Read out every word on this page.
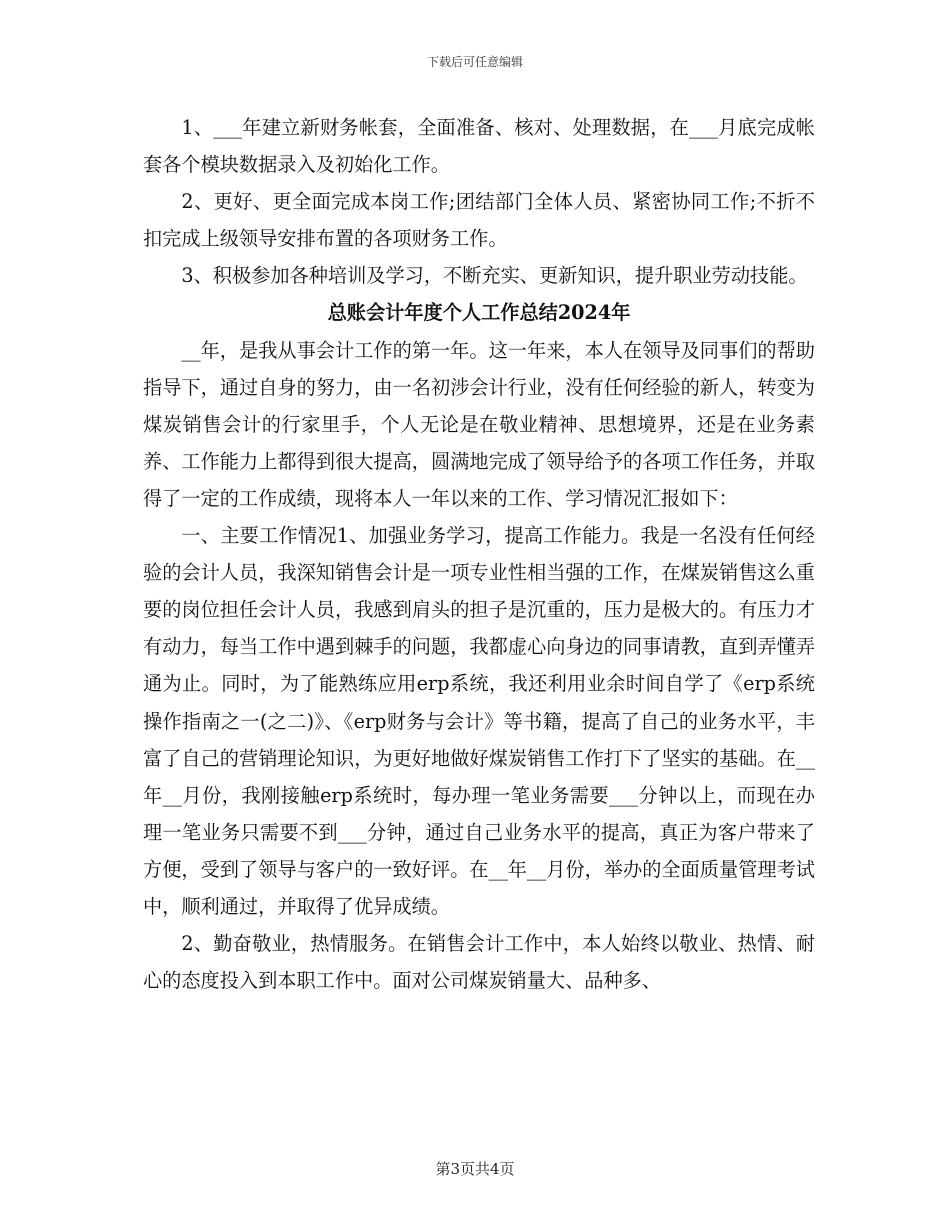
下载后可任意编辑

1、___年建立新财务帐套，全面准备、核对、处理数据，在___月底完成帐套各个模块数据录入及初始化工作。

2、更好、更全面完成本岗工作;团结部门全体人员、紧密协同工作;不折不扣完成上级领导安排布置的各项财务工作。

3、积极参加各种培训及学习，不断充实、更新知识，提升职业劳动技能。

总账会计年度个人工作总结2024年

__年，是我从事会计工作的第一年。这一年来，本人在领导及同事们的帮助指导下，通过自身的努力，由一名初涉会计行业，没有任何经验的新人，转变为煤炭销售会计的行家里手，个人无论是在敬业精神、思想境界，还是在业务素养、工作能力上都得到很大提高，圆满地完成了领导给予的各项工作任务，并取得了一定的工作成绩，现将本人一年以来的工作、学习情况汇报如下：

一、主要工作情况1、加强业务学习，提高工作能力。我是一名没有任何经验的会计人员，我深知销售会计是一项专业性相当强的工作，在煤炭销售这么重要的岗位担任会计人员，我感到肩头的担子是沉重的，压力是极大的。有压力才有动力，每当工作中遇到棘手的问题，我都虚心向身边的同事请教，直到弄懂弄通为止。同时，为了能熟练应用erp系统，我还利用业余时间自学了《erp系统操作指南之一(之二)》、《erp财务与会计》等书籍，提高了自己的业务水平，丰富了自己的营销理论知识，为更好地做好煤炭销售工作打下了坚实的基础。在__年__月份，我刚接触erp系统时，每办理一笔业务需要___分钟以上，而现在办理一笔业务只需要不到___分钟，通过自己业务水平的提高，真正为客户带来了方便，受到了领导与客户的一致好评。在__年__月份，举办的全面质量管理考试中，顺利通过，并取得了优异成绩。

2、勤奋敬业，热情服务。在销售会计工作中，本人始终以敬业、热情、耐心的态度投入到本职工作中。面对公司煤炭销量大、品种多、

第3页共4页
